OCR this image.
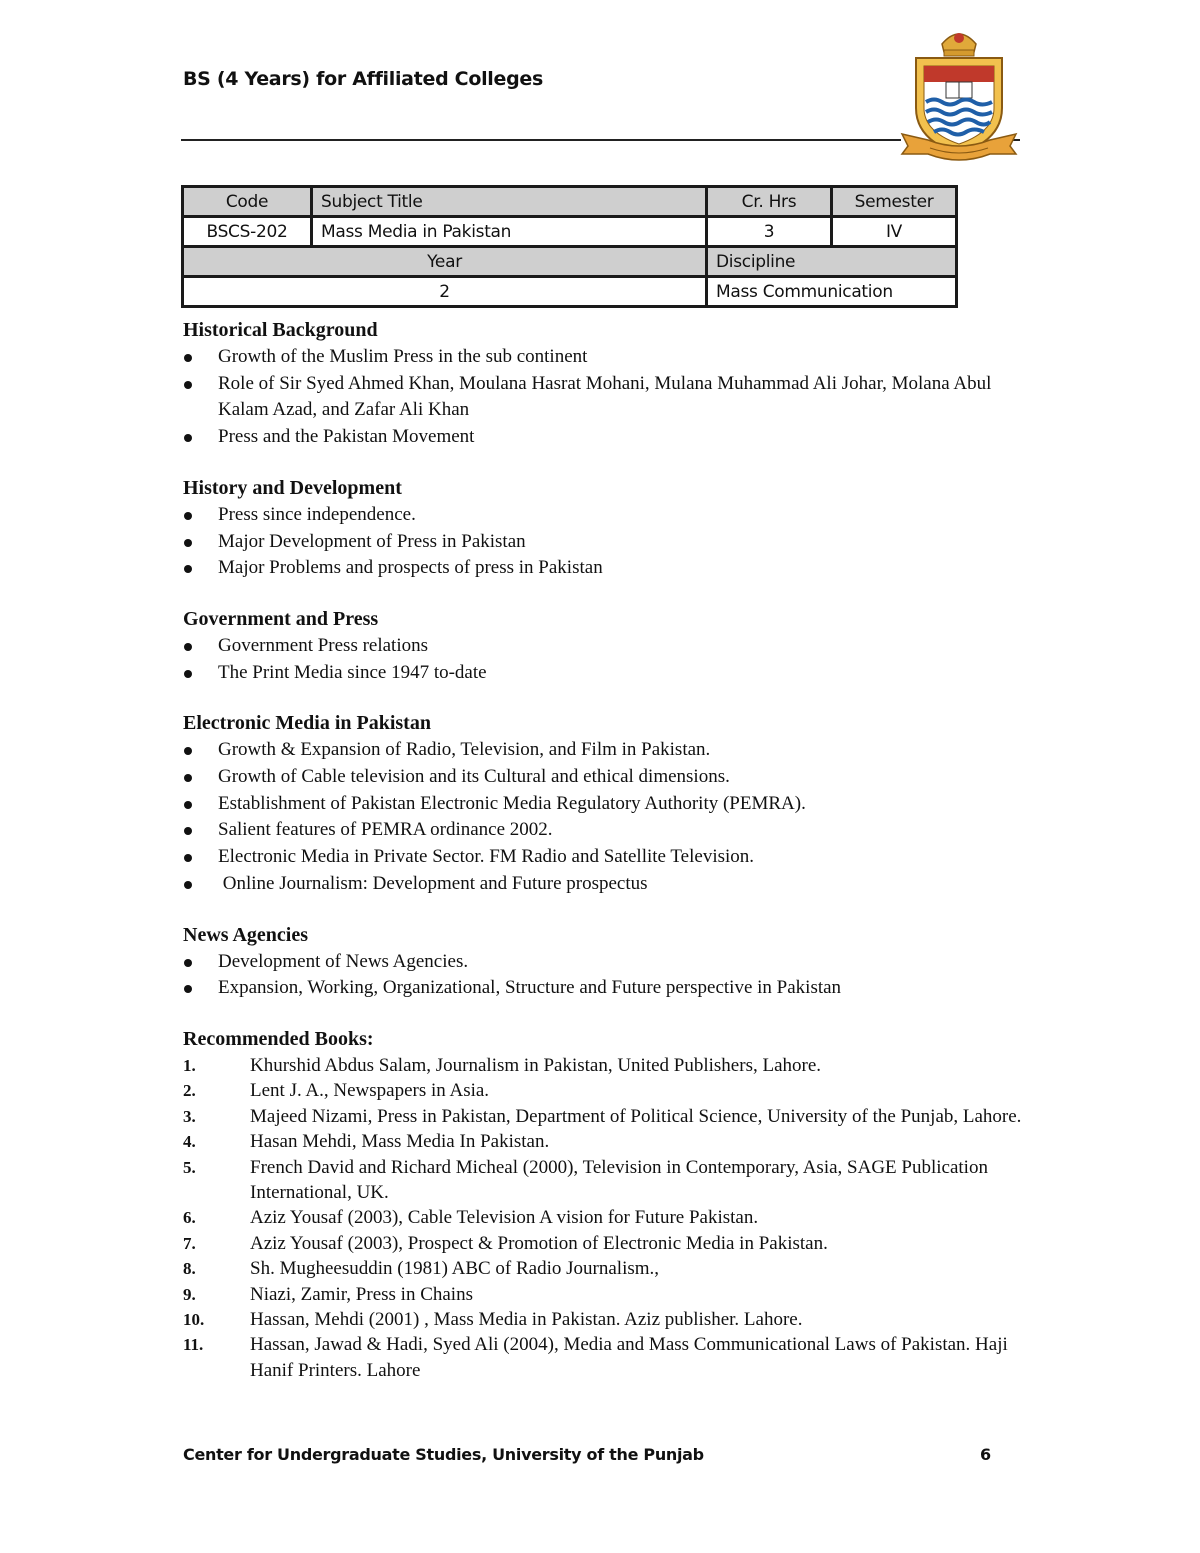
BS (4 Years) for Affiliated Colleges
Code	Subject Title	Cr. Hrs	Semester
BSCS-202	Mass Media in Pakistan	3	IV
Year		Discipline	
2		Mass Communication	
Historical Background
Growth of the Muslim Press in the sub continent
Role of Sir Syed Ahmed Khan, Moulana Hasrat Mohani, Mulana Muhammad Ali Johar, Molana Abul Kalam Azad, and Zafar Ali Khan
Press and the Pakistan Movement
History and Development
Press since independence.
Major Development of Press in Pakistan
Major Problems and prospects of press in Pakistan
Government and Press
Government Press relations
The Print Media since 1947 to-date
Electronic Media in Pakistan
Growth & Expansion of Radio, Television, and Film in Pakistan.
Growth of Cable television and its Cultural and ethical dimensions.
Establishment of Pakistan Electronic Media Regulatory Authority (PEMRA).
Salient features of PEMRA ordinance 2002.
Electronic Media in Private Sector. FM Radio and Satellite Television.
Online Journalism: Development and Future prospectus
News Agencies
Development of News Agencies.
Expansion, Working, Organizational, Structure and Future perspective in Pakistan
Recommended Books:
1.	Khurshid Abdus Salam, Journalism in Pakistan, United Publishers, Lahore.
2.	Lent J. A., Newspapers in Asia.
3.	Majeed Nizami, Press in Pakistan, Department of Political Science, University of the Punjab, Lahore.
4.	Hasan Mehdi, Mass Media In Pakistan.
5.	French David and Richard Micheal (2000), Television in Contemporary, Asia, SAGE Publication International, UK.
6.	Aziz Yousaf (2003), Cable Television A vision for Future Pakistan.
7.	Aziz Yousaf (2003), Prospect & Promotion of Electronic Media in Pakistan.
8.	Sh. Mugheesuddin (1981) ABC of Radio Journalism.,
9.	Niazi, Zamir, Press in Chains
10. Hassan, Mehdi (2001) , Mass Media in Pakistan. Aziz publisher. Lahore.
11. Hassan, Jawad & Hadi, Syed Ali (2004), Media and Mass Communicational Laws of Pakistan. Haji Hanif Printers. Lahore
Center for Undergraduate Studies, University of the Punjab	6
